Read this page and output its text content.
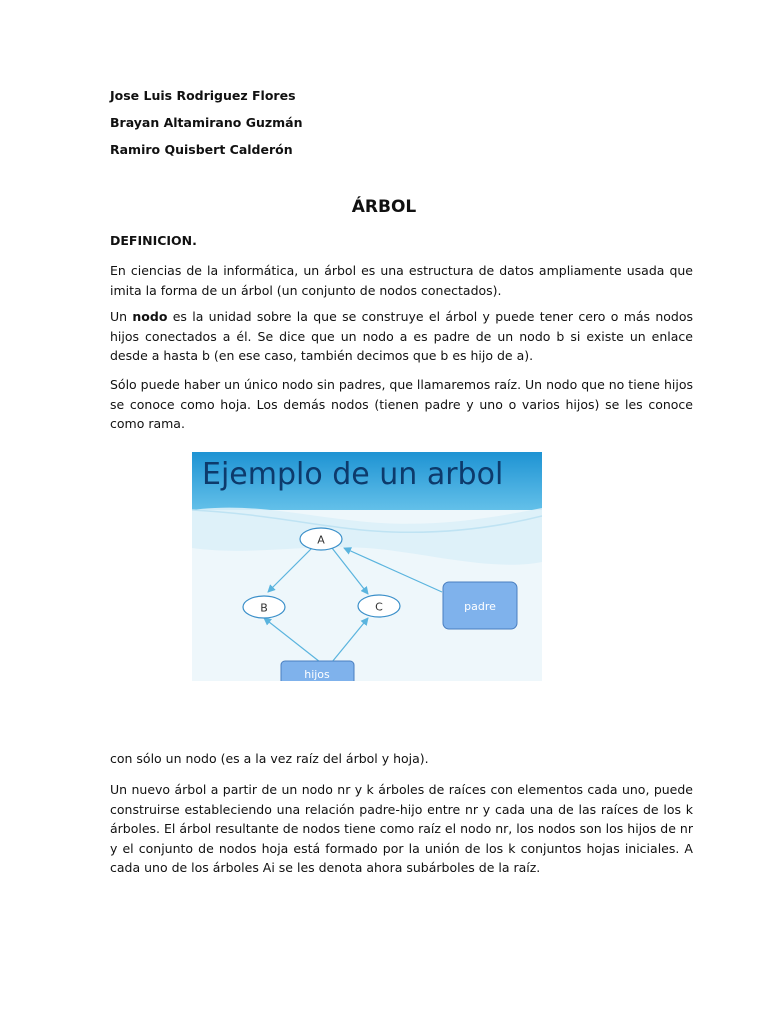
Jose Luis Rodriguez Flores
Brayan Altamirano Guzmán
Ramiro Quisbert Calderón
ÁRBOL
DEFINICION.
En ciencias de la informática, un árbol es una estructura de datos ampliamente usada que imita la forma de un árbol (un conjunto de nodos conectados).
Un nodo es la unidad sobre la que se construye el árbol y puede tener cero o más nodos hijos conectados a él. Se dice que un nodo a es padre de un nodo b si existe un enlace desde a hasta b (en ese caso, también decimos que b es hijo de a).
Sólo puede haber un único nodo sin padres, que llamaremos raíz. Un nodo que no tiene hijos se conoce como hoja. Los demás nodos (tienen padre y uno o varios hijos) se les conoce como rama.
Ejemplo de un arbol
A
B	C	padre
hijos
con sólo un nodo (es a la vez raíz del árbol y hoja).
Un nuevo árbol a partir de un nodo nr y k árboles de raíces con elementos cada uno, puede construirse estableciendo una relación padre-hijo entre nr y cada una de las raíces de los k árboles. El árbol resultante de nodos tiene como raíz el nodo nr, los nodos son los hijos de nr y el conjunto de nodos hoja está formado por la unión de los k conjuntos hojas iniciales. A cada uno de los árboles Ai se les denota ahora subárboles de la raíz.
